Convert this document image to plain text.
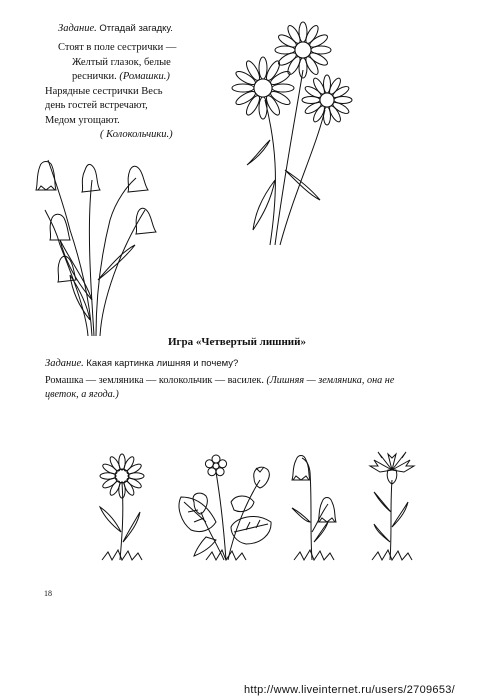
Задание. Отгадай загадку.
Стоят в поле сестрички —
Желтый глазок, белые
реснички. (Ромашки.)
Нарядные сестрички Весь
день гостей встречают,
Медом угощают.
( Колокольчики.)
Игра «Четвертый лишний»
Задание. Какая картинка лишняя и почему?
Ромашка — земляника — колокольчик — василек. (Лишняя — земляника, она не
цветок, а ягода.)
18
http://www.liveinternet.ru/users/2709653/
